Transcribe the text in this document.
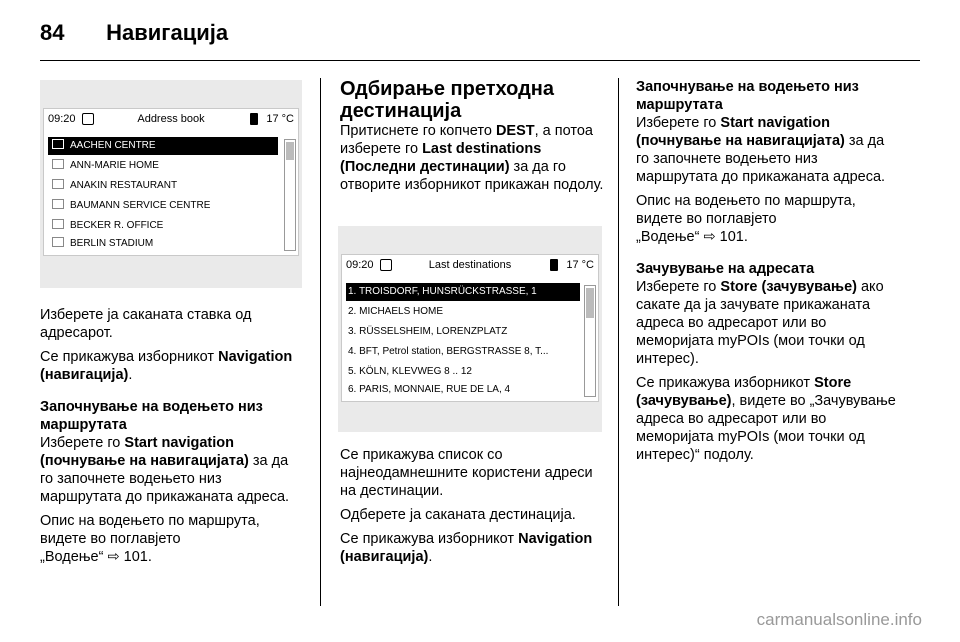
84 Навигација
09:20	Address book	17 °C
AACHEN CENTRE
ANN-MARIE HOME
ANAKIN RESTAURANT
BAUMANN SERVICE CENTRE
BECKER R. OFFICE
BERLIN STADIUM

Изберете ја саканата ставка од адресарот.

Се прикажува изборникот Navigation (навигација).

Започнување на водењето низ маршрутата

Изберете го Start navigation (почнување на навигацијата) за да го започнете водењето низ маршрутата до прикажаната адреса.

Опис на водењето по маршрута, видете во поглавјето
„Водење“ ⇨ 101.

Одбирање претходна дестинација

Притиснете го копчето DEST, а потоа изберете го Last destinations (Последни дестинации) за да го отворите изборникот прикажан подолу.

09:20	Last destinations	17 °C
1. TROISDORF, HUNSRÜCKSTRASSE, 1
2. MICHAELS HOME
3. RÜSSELSHEIM, LORENZPLATZ
4. BFT, Petrol station, BERGSTRASSE 8, T...
5. KÖLN, KLEVWEG 8 .. 12
6. PARIS, MONNAIE, RUE DE LA, 4

Се прикажува список со најнеодамнешните користени адреси на дестинации.

Одберете ја саканата дестинација.

Се прикажува изборникот Navigation (навигација).

Започнување на водењето низ маршрутата

Изберете го Start navigation (почнување на навигацијата) за да го започнете водењето низ маршрутата до прикажаната адреса.

Опис на водењето по маршрута, видете во поглавјето
„Водење“ ⇨ 101.

Зачувување на адресата

Изберете го Store (зачувување) ако сакате да ја зачувате прикажаната адреса во адресарот или во меморијата myPOIs (мои точки од интерес).

Се прикажува изборникот Store (зачувување), видете во „Зачувување адреса во адресарот или во меморијата myPOIs (мои точки од интерес)“ подолу.

carmanualsonline.info
